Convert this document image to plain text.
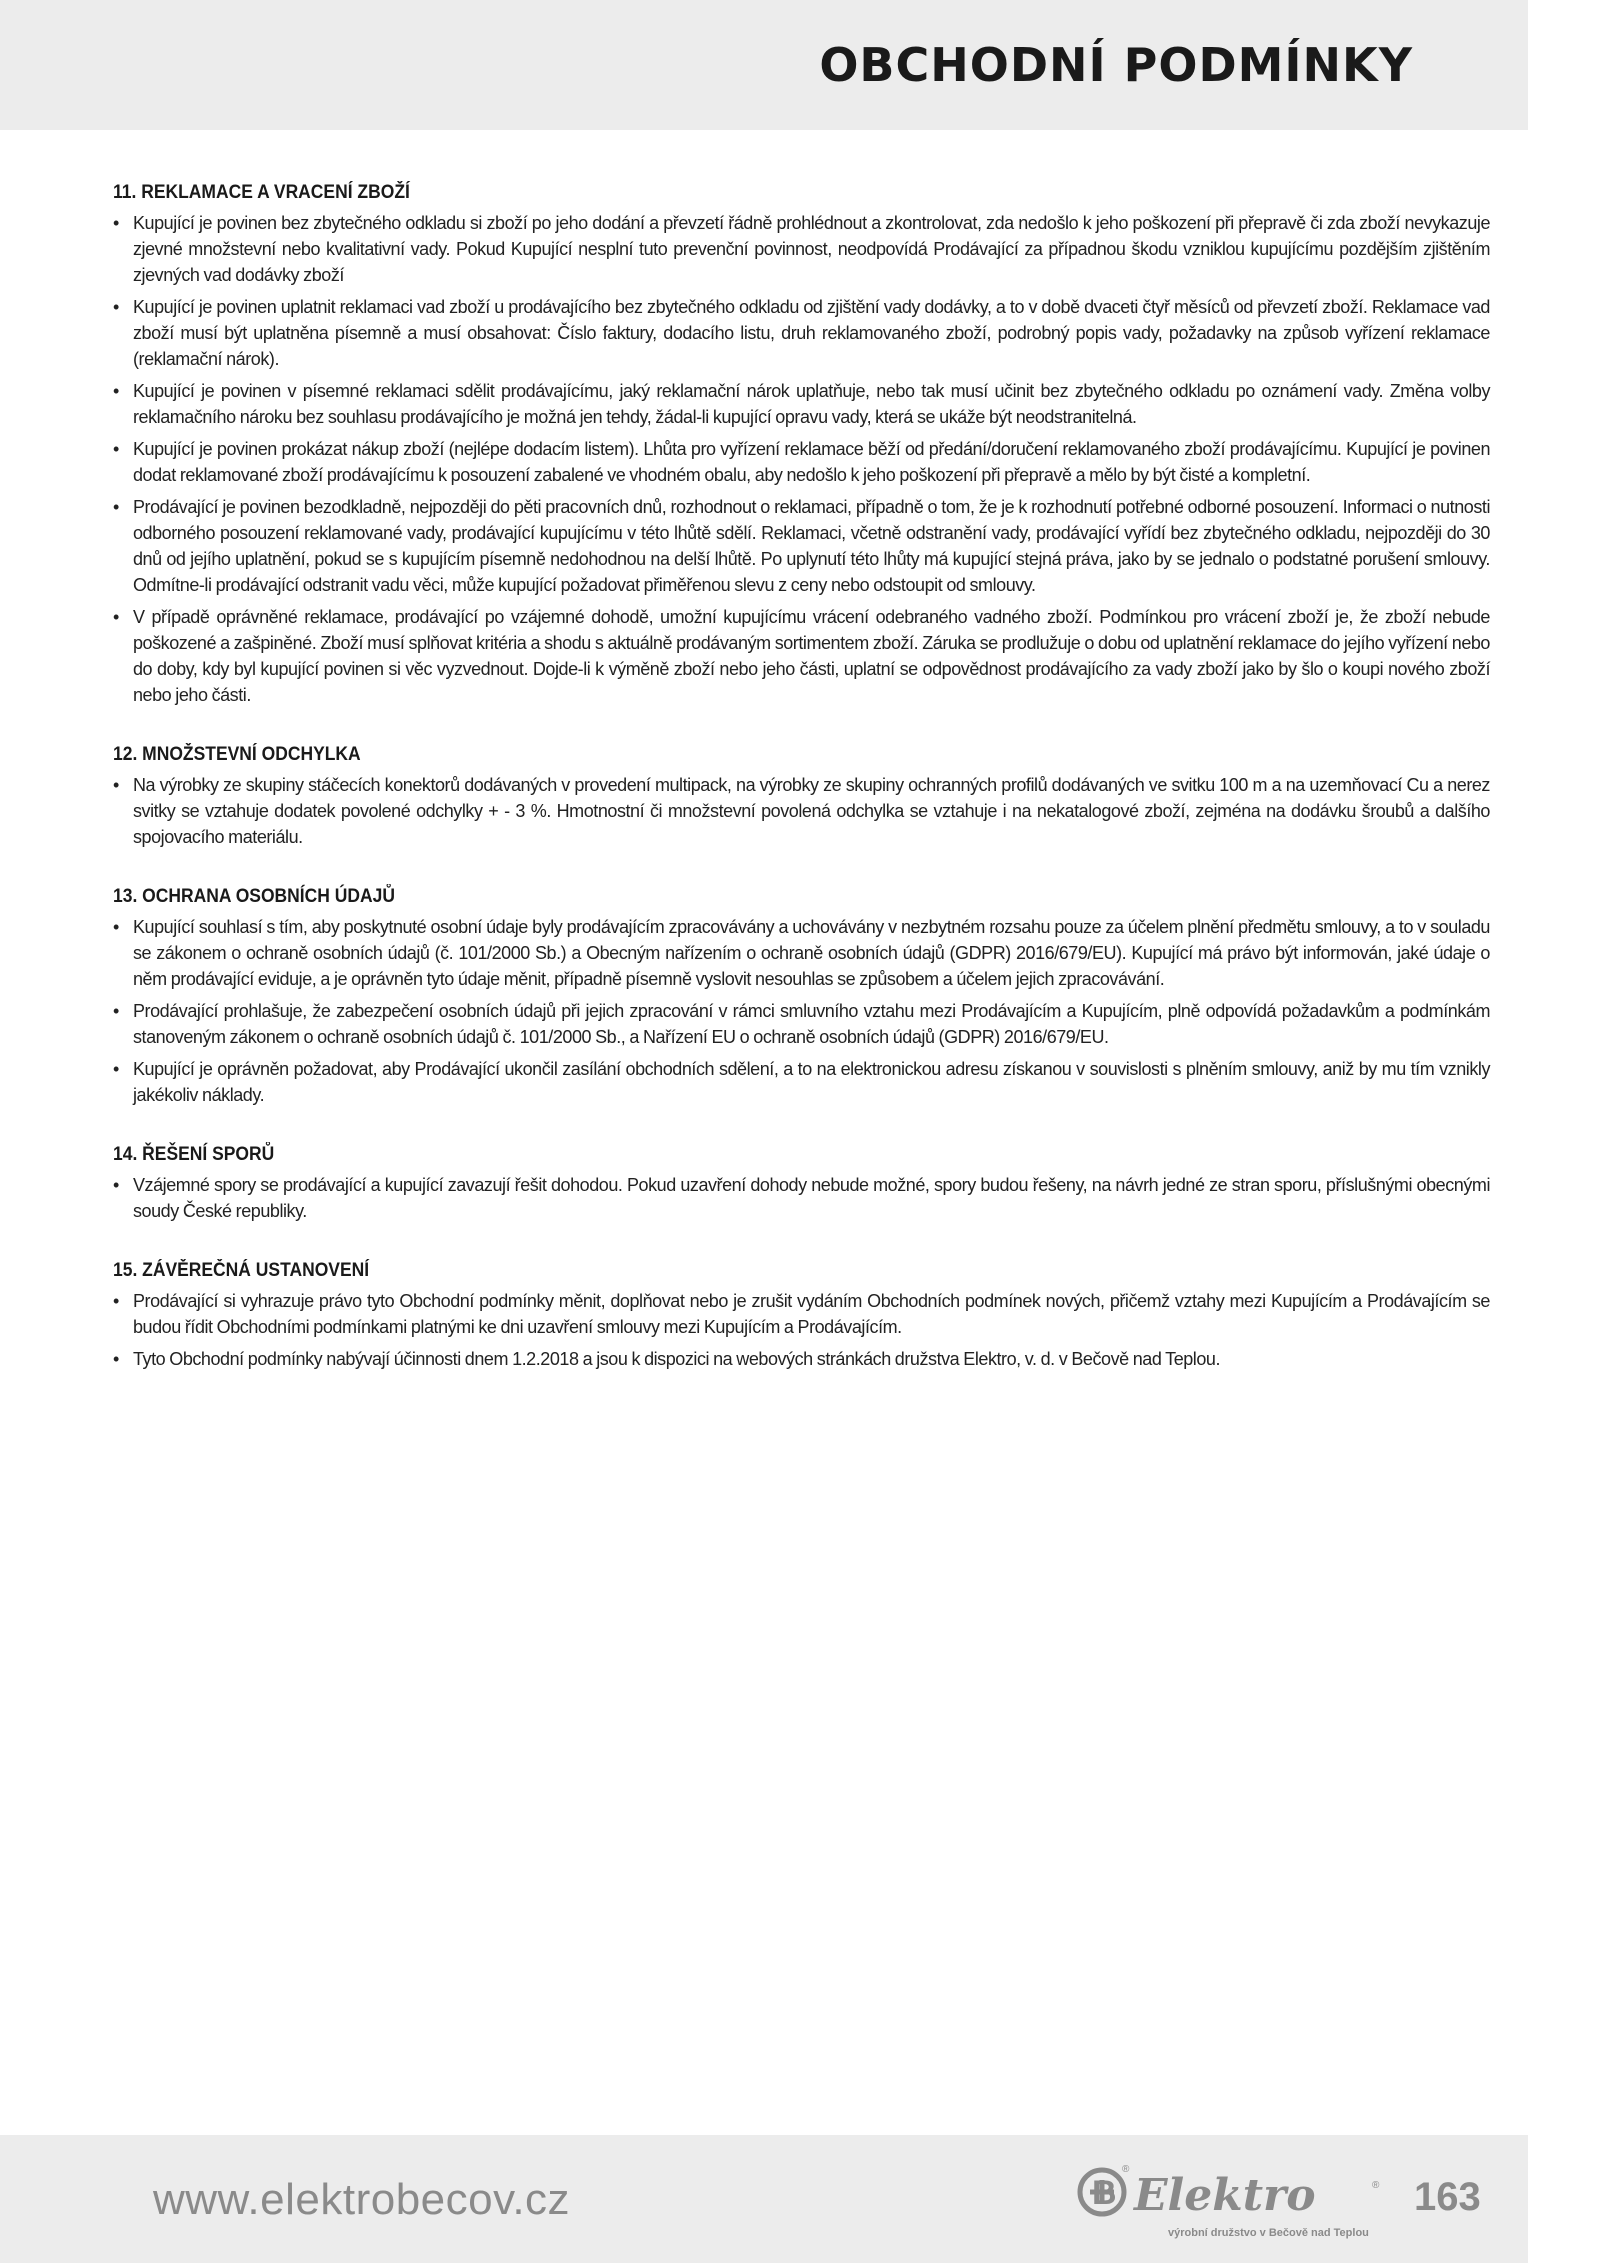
OBCHODNÍ PODMÍNKY
11. REKLAMACE A VRACENÍ ZBOŽÍ
• Kupující je povinen bez zbytečného odkladu si zboží po jeho dodání a převzetí řádně prohlédnout a zkontrolovat, zda nedošlo k jeho poškození při přepravě či zda zboží nevykazuje zjevné množstevní nebo kvalitativní vady. Pokud Kupující nesplní tuto prevenční povinnost, neodpovídá Prodávající za případnou škodu vzniklou kupujícímu pozdějším zjištěním zjevných vad dodávky zboží
• Kupující je povinen uplatnit reklamaci vad zboží u prodávajícího bez zbytečného odkladu od zjištění vady dodávky, a to v době dvaceti čtyř měsíců od převzetí zboží. Reklamace vad zboží musí být uplatněna písemně a musí obsahovat: Číslo faktury, dodacího listu, druh reklamovaného zboží, podrobný popis vady, požadavky na způsob vyřízení reklamace (reklamační nárok).
• Kupující je povinen v písemné reklamaci sdělit prodávajícímu, jaký reklamační nárok uplatňuje, nebo tak musí učinit bez zbytečného odkladu po oznámení vady. Změna volby reklamačního nároku bez souhlasu prodávajícího je možná jen tehdy, žádal-li kupující opravu vady, která se ukáže být neodstranitelná.
• Kupující je povinen prokázat nákup zboží (nejlépe dodacím listem). Lhůta pro vyřízení reklamace běží od předání/doručení reklamovaného zboží prodávajícímu. Kupující je povinen dodat reklamované zboží prodávajícímu k posouzení zabalené ve vhodném obalu, aby nedošlo k jeho poškození při přepravě a mělo by být čisté a kompletní.
• Prodávající je povinen bezodkladně, nejpozději do pěti pracovních dnů, rozhodnout o reklamaci, případně o tom, že je k rozhodnutí potřebné odborné posouzení. Informaci o nutnosti odborného posouzení reklamované vady, prodávající kupujícímu v této lhůtě sdělí. Reklamaci, včetně odstranění vady, prodávající vyřídí bez zbytečného odkladu, nejpozději do 30 dnů od jejího uplatnění, pokud se s kupujícím písemně nedohodnou na delší lhůtě. Po uplynutí této lhůty má kupující stejná práva, jako by se jednalo o podstatné porušení smlouvy. Odmítne-li prodávající odstranit vadu věci, může kupující požadovat přiměřenou slevu z ceny nebo odstoupit od smlouvy.
• V případě oprávněné reklamace, prodávající po vzájemné dohodě, umožní kupujícímu vrácení odebraného vadného zboží. Podmínkou pro vrácení zboží je, že zboží nebude poškozené a zašpiněné. Zboží musí splňovat kritéria a shodu s aktuálně prodávaným sortimentem zboží. Záruka se prodlužuje o dobu od uplatnění reklamace do jejího vyřízení nebo do doby, kdy byl kupující povinen si věc vyzvednout. Dojde-li k výměně zboží nebo jeho části, uplatní se odpovědnost prodávajícího za vady zboží jako by šlo o koupi nového zboží nebo jeho části.
12. MNOŽSTEVNÍ ODCHYLKA
• Na výrobky ze skupiny stáčecích konektorů dodávaných v provedení multipack, na výrobky ze skupiny ochranných profilů dodávaných ve svitku 100 m a na uzemňovací Cu a nerez svitky se vztahuje dodatek povolené odchylky + - 3 %. Hmotnostní či množstevní povolená odchylka se vztahuje i na nekatalogové zboží, zejména na dodávku šroubů a dalšího spojovacího materiálu.
13. OCHRANA OSOBNÍCH ÚDAJŮ
• Kupující souhlasí s tím, aby poskytnuté osobní údaje byly prodávajícím zpracovávány a uchovávány v nezbytném rozsahu pouze za účelem plnění předmětu smlouvy, a to v souladu se zákonem o ochraně osobních údajů (č. 101/2000 Sb.) a Obecným nařízením o ochraně osobních údajů (GDPR) 2016/679/EU). Kupující má právo být informován, jaké údaje o něm prodávající eviduje, a je oprávněn tyto údaje měnit, případně písemně vyslovit nesouhlas se způsobem a účelem jejich zpracovávání.
• Prodávající prohlašuje, že zabezpečení osobních údajů při jejich zpracování v rámci smluvního vztahu mezi Prodávajícím a Kupujícím, plně odpovídá požadavkům a podmínkám stanoveným zákonem o ochraně osobních údajů č. 101/2000 Sb., a Nařízení EU o ochraně osobních údajů (GDPR) 2016/679/EU.
• Kupující je oprávněn požadovat, aby Prodávající ukončil zasílání obchodních sdělení, a to na elektronickou adresu získanou v souvislosti s plněním smlouvy, aniž by mu tím vznikly jakékoliv náklady.
14. ŘEŠENÍ SPORŮ
• Vzájemné spory se prodávající a kupující zavazují řešit dohodou. Pokud uzavření dohody nebude možné, spory budou řešeny, na návrh jedné ze stran sporu, příslušnými obecnými soudy České republiky.
15. ZÁVĚREČNÁ USTANOVENÍ
• Prodávající si vyhrazuje právo tyto Obchodní podmínky měnit, doplňovat nebo je zrušit vydáním Obchodních podmínek nových, přičemž vztahy mezi Kupujícím a Prodávajícím se budou řídit Obchodními podmínkami platnými ke dni uzavření smlouvy mezi Kupujícím a Prodávajícím.
• Tyto Obchodní podmínky nabývají účinnosti dnem 1.2.2018 a jsou k dispozici na webových stránkách družstva Elektro, v. d. v Bečově nad Teplou.

www.elektrobecov.cz	B
®
Elektro	®
výrobní družstvo v Bečově nad Teplou

163
